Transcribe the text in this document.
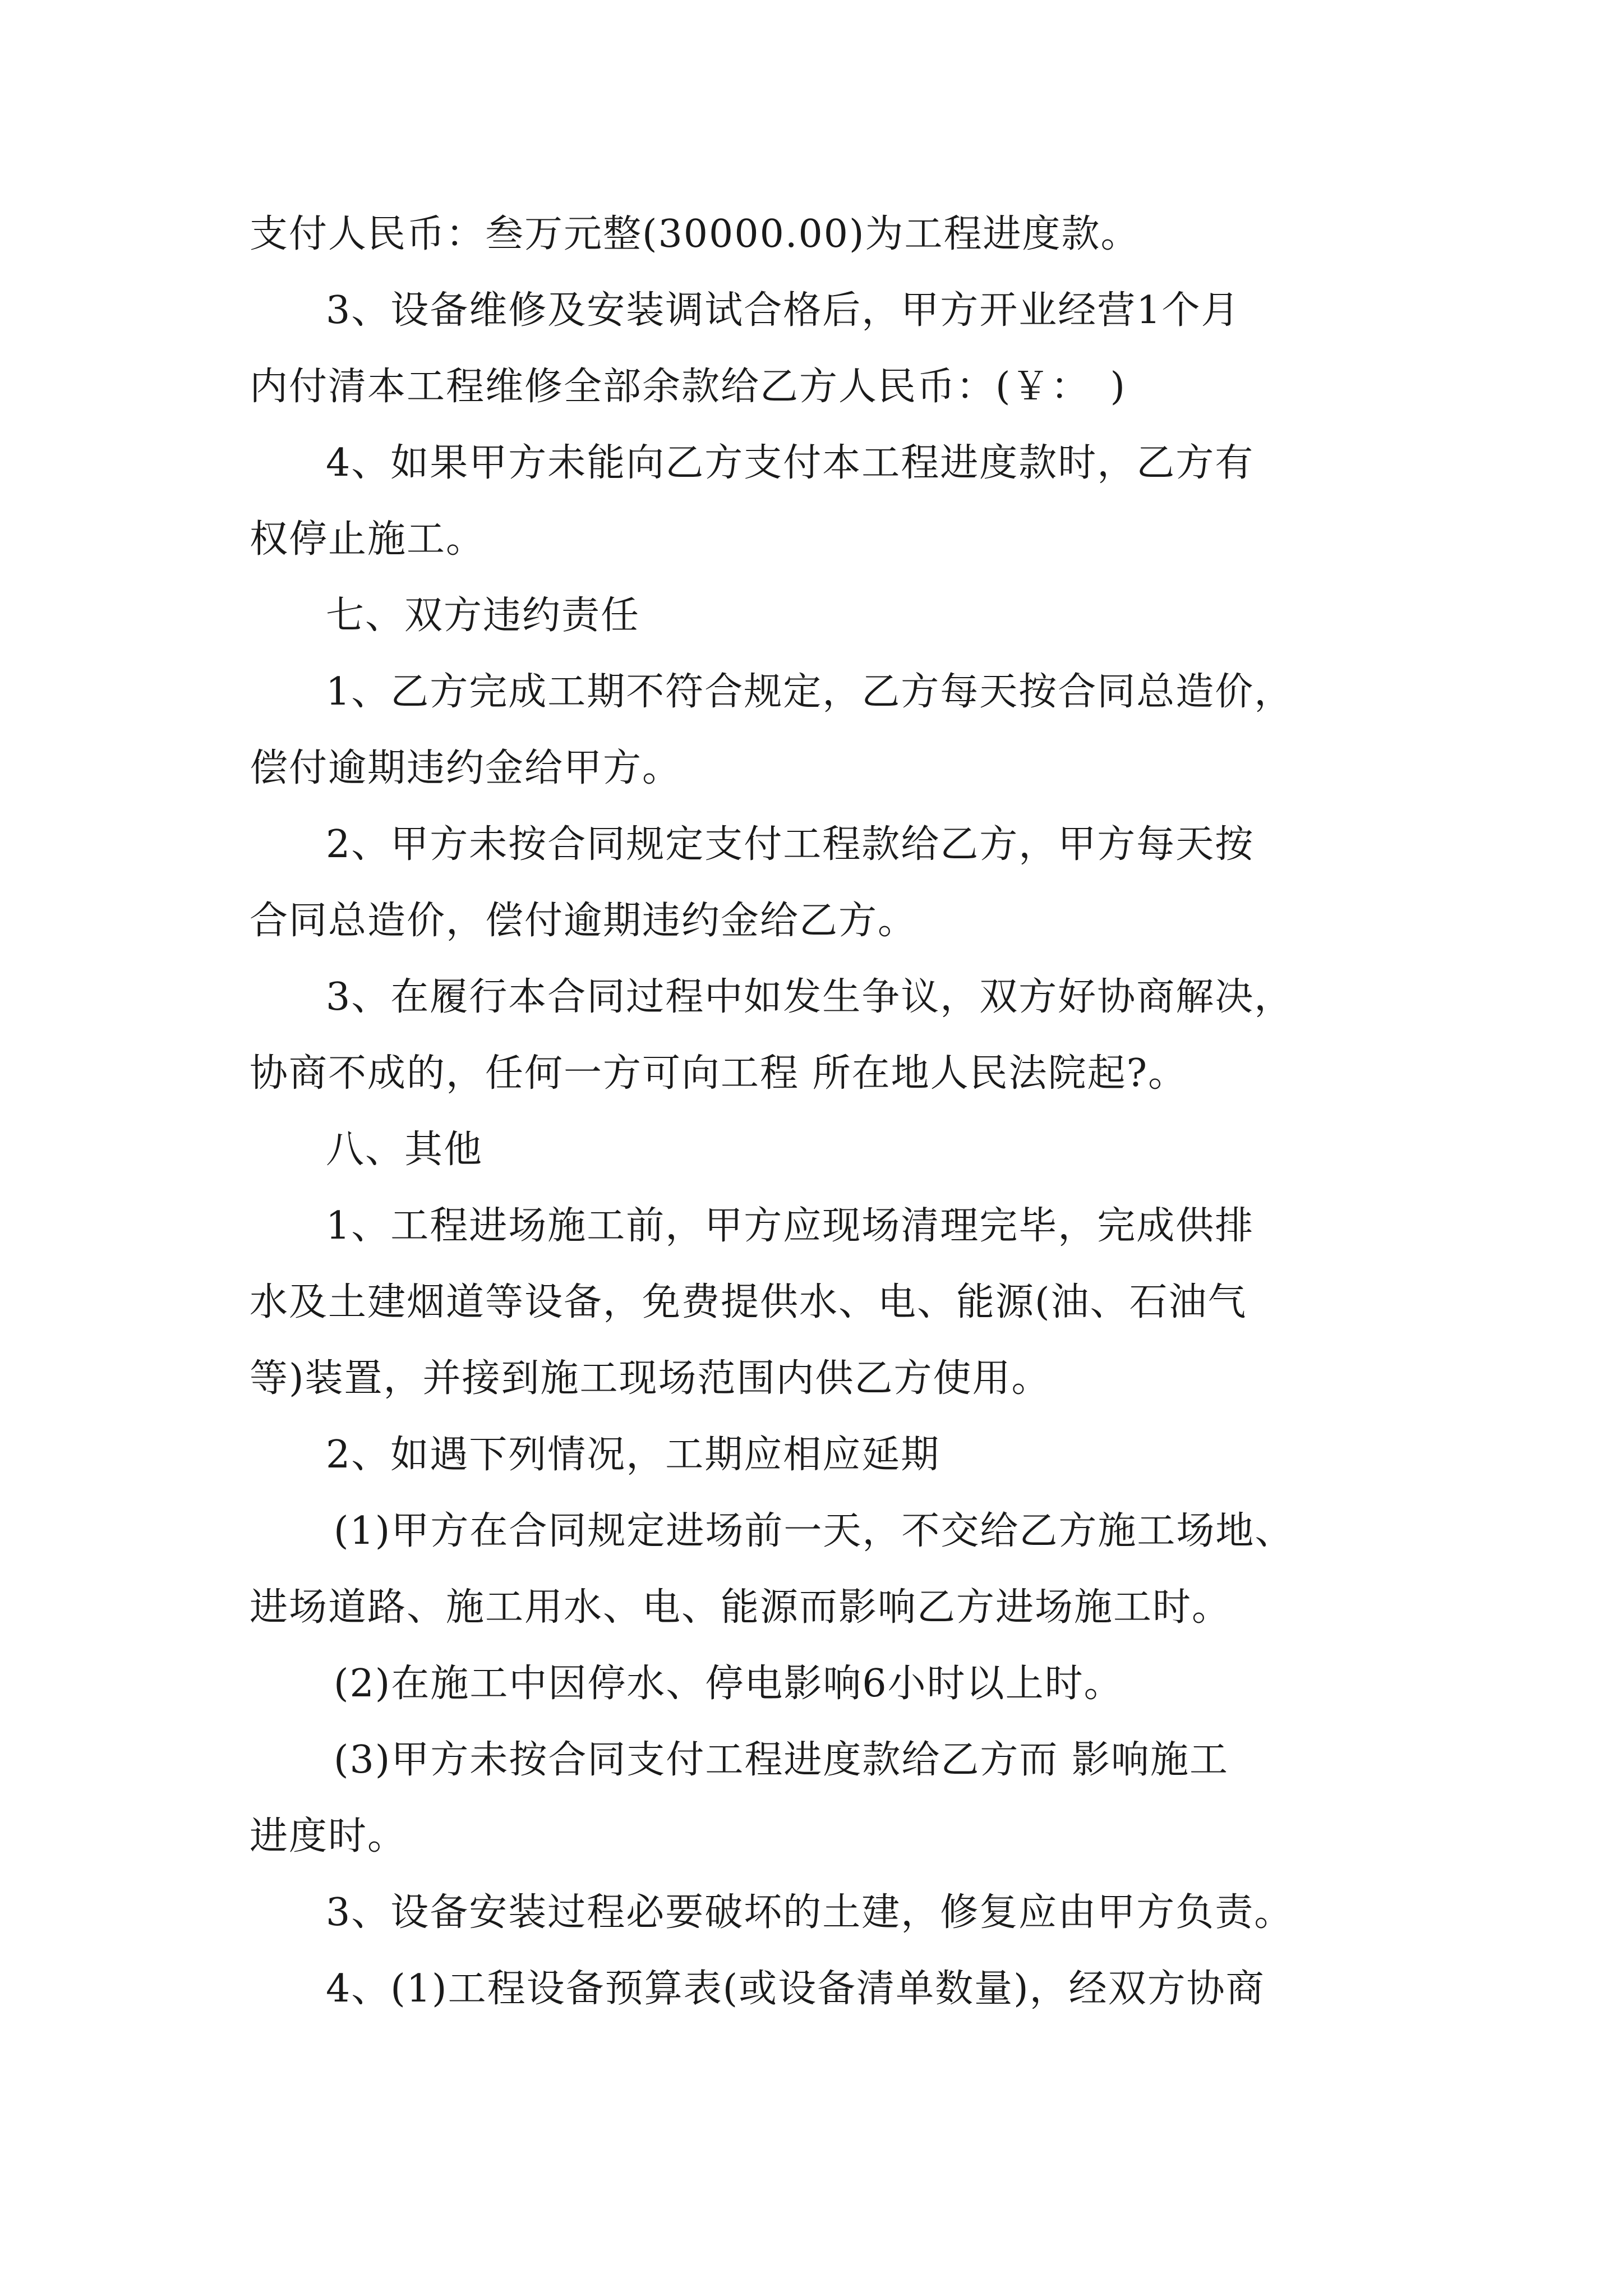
支付人民币：叁万元整(30000.00)为工程进度款。

3、设备维修及安装调试合格后，甲方开业经营1个月

内付清本工程维修全部余款给乙方人民币：(￥：　)

4、如果甲方未能向乙方支付本工程进度款时，乙方有

权停止施工。

七、双方违约责任

1、乙方完成工期不符合规定，乙方每天按合同总造价，

偿付逾期违约金给甲方。

2、甲方未按合同规定支付工程款给乙方，甲方每天按

合同总造价，偿付逾期违约金给乙方。

3、在履行本合同过程中如发生争议，双方好协商解决，

协商不成的，任何一方可向工程 所在地人民法院起?。

八、其他

1、工程进场施工前，甲方应现场清理完毕，完成供排

水及土建烟道等设备，免费提供水、电、能源(油、石油气

等)装置，并接到施工现场范围内供乙方使用。

2、如遇下列情况，工期应相应延期

(1)甲方在合同规定进场前一天，不交给乙方施工场地、

进场道路、施工用水、电、能源而影响乙方进场施工时。

(2)在施工中因停水、停电影响6小时以上时。

(3)甲方未按合同支付工程进度款给乙方而 影响施工

进度时。

3、设备安装过程必要破坏的土建，修复应由甲方负责。

4、(1)工程设备预算表(或设备清单数量)，经双方协商
